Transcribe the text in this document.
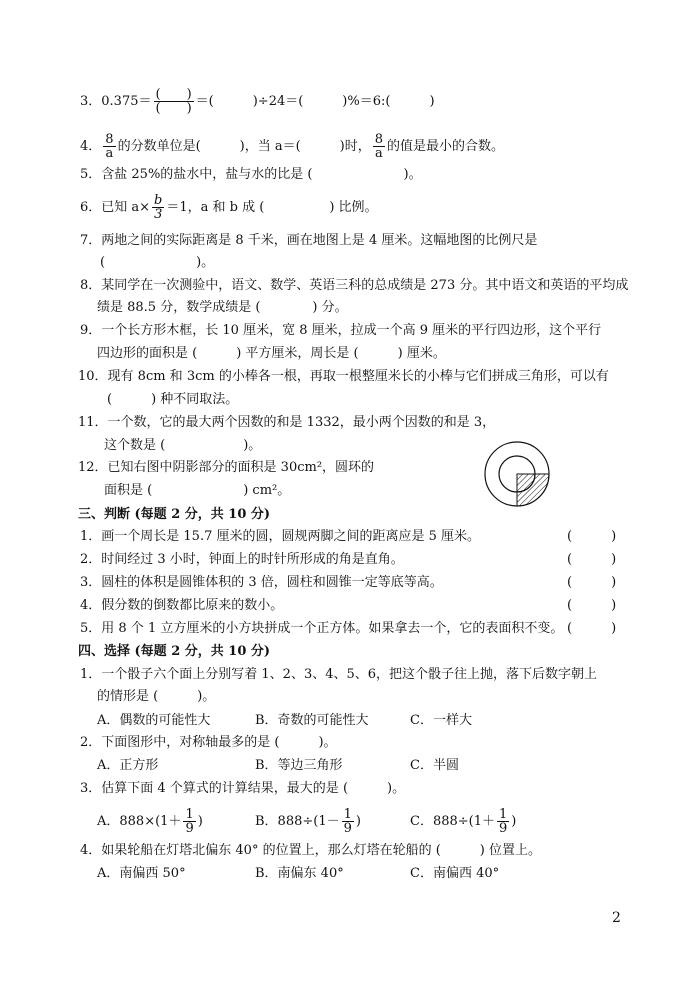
3．$0.375= \frac{( )}{( )}$ ＝(　　　)÷24＝(　　　)%＝6:(　　　)
4． $\frac{8}{a}$ 的分数单位是(　　　)，当 a＝(　　　)时， $\frac{8}{a}$ 的值是最小的合数。
5．含盐 25%的盐水中，盐与水的比是 (　　　　　　　)。
6．已知 $a\times \frac{b}{3} =1$，a 和 b 成 (　　　　　) 比例。
7．两地之间的实际距离是 8 千米，画在地图上是 4 厘米。这幅地图的比例尺是
(　　　　　　　)。
8．某同学在一次测验中，语文、数学、英语三科的总成绩是 273 分。其中语文和英语的平均成
绩是 88.5 分，数学成绩是 (　　　　) 分。
9．一个长方形木框，长 10 厘米，宽 8 厘米，拉成一个高 9 厘米的平行四边形，这个平行
四边形的面积是 (　　　) 平方厘米，周长是 (　　　) 厘米。
10．现有 8cm 和 3cm 的小棒各一根，再取一根整厘米长的小棒与它们拼成三角形，可以有
(　　　) 种不同取法。
11．一个数，它的最大两个因数的和是 1332，最小两个因数的和是 3，
这个数是 (　　　　　　)。
12．已知右图中阴影部分的面积是 30cm²，圆环的
面积是 (　　　　　　　) cm²。
三、判断 (每题 2 分，共 10 分)
1．画一个周长是 15.7 厘米的圆，圆规两脚之间的距离应是 5 厘米。	(　　　)
2．时间经过 3 小时，钟面上的时针所形成的角是直角。	(　　　)
3．圆柱的体积是圆锥体积的 3 倍，圆柱和圆锥一定等底等高。	(　　　)
4．假分数的倒数都比原来的数小。	(　　　)
5．用 8 个 1 立方厘米的小方块拼成一个正方体。如果拿去一个，它的表面积不变。 (　　　)
四、选择 (每题 2 分，共 10 分)
1．一个骰子六个面上分别写着 1、2、3、4、5、6，把这个骰子往上抛，落下后数字朝上
的情形是 (　　　)。
A．偶数的可能性大	B．奇数的可能性大	C．一样大
2．下面图形中，对称轴最多的是 (　　　)。
A．正方形	B．等边三角形	C．半圆
3．估算下面 4 个算式的计算结果，最大的是 (　　　)。
A．$888\times(1+ \frac{1}{9}$ )	B．$888\div(1- \frac{1}{9}$ )	C．$888\div(1+ \frac{1}{9}$ )
4．如果轮船在灯塔北偏东 40° 的位置上，那么灯塔在轮船的 (　　　) 位置上。
A．南偏西 50°	B．南偏东 40°	C．南偏西 40°
2
